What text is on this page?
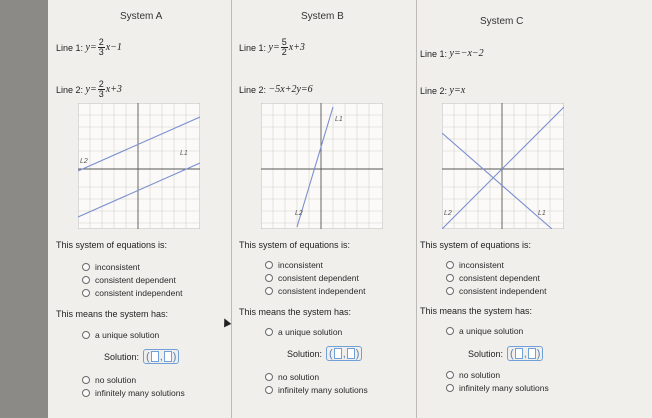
System A
Line 1:
$y= \frac{2}{3} x-1$
Line 2:
$y= \frac{2}{3} x+3$
L2
L1
This system of equations is:
inconsistent
consistent dependent
consistent independent
This means the system has:
a unique solution
Solution: ( , )
no solution
infinitely many solutions
System B
Line 1:
$y= \frac{5}{2} x+3$
Line 2:
−5x+2y=6
L1
L2
This system of equations is:
inconsistent
consistent dependent
consistent independent
This means the system has:
a unique solution
Solution: ( , )
no solution
infinitely many solutions
System C
Line 1:
y=−x−2
Line 2:
y=x
L2	L1
This system of equations is:
inconsistent
consistent dependent
consistent independent
This means the system has:
a unique solution
Solution: ( , )
no solution
infinitely many solutions
